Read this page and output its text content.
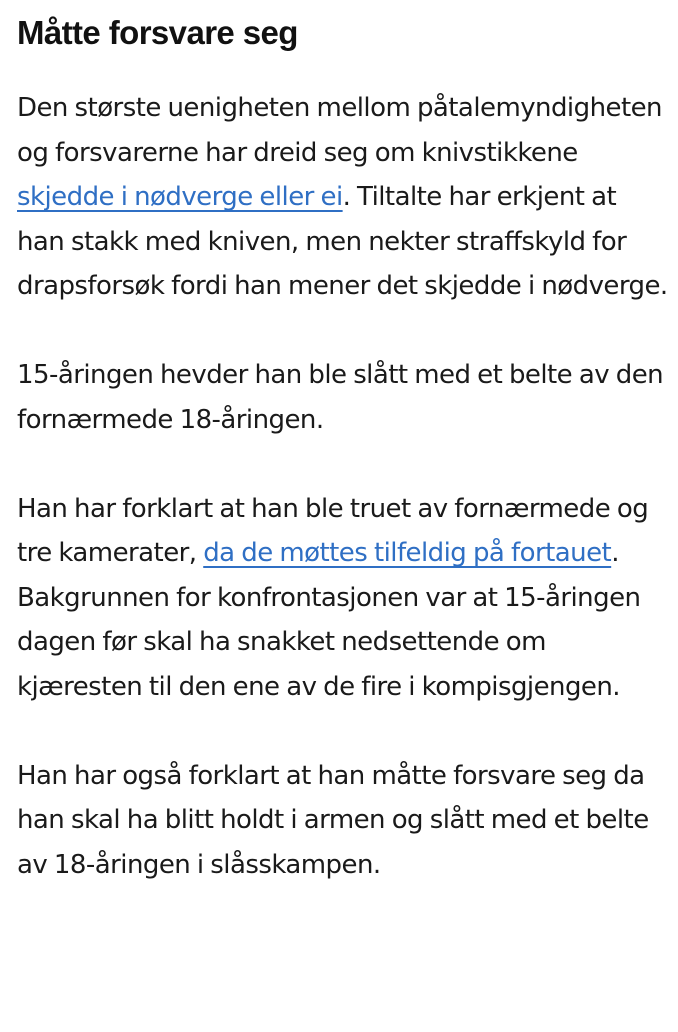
Måtte forsvare seg

Den største uenigheten mellom påtalemyndigheten og forsvarerne har dreid seg om knivstikkene skjedde i nødverge eller ei. Tiltalte har erkjent at han stakk med kniven, men nekter straffskyld for drapsforsøk fordi han mener det skjedde i nødverge.

15-åringen hevder han ble slått med et belte av den fornærmede 18-åringen.

Han har forklart at han ble truet av fornærmede og tre kamerater, da de møttes tilfeldig på fortauet. Bakgrunnen for konfrontasjonen var at 15-åringen dagen før skal ha snakket nedsettende om kjæresten til den ene av de fire i kompisgjengen.

Han har også forklart at han måtte forsvare seg da han skal ha blitt holdt i armen og slått med et belte av 18-åringen i slåsskampen.
